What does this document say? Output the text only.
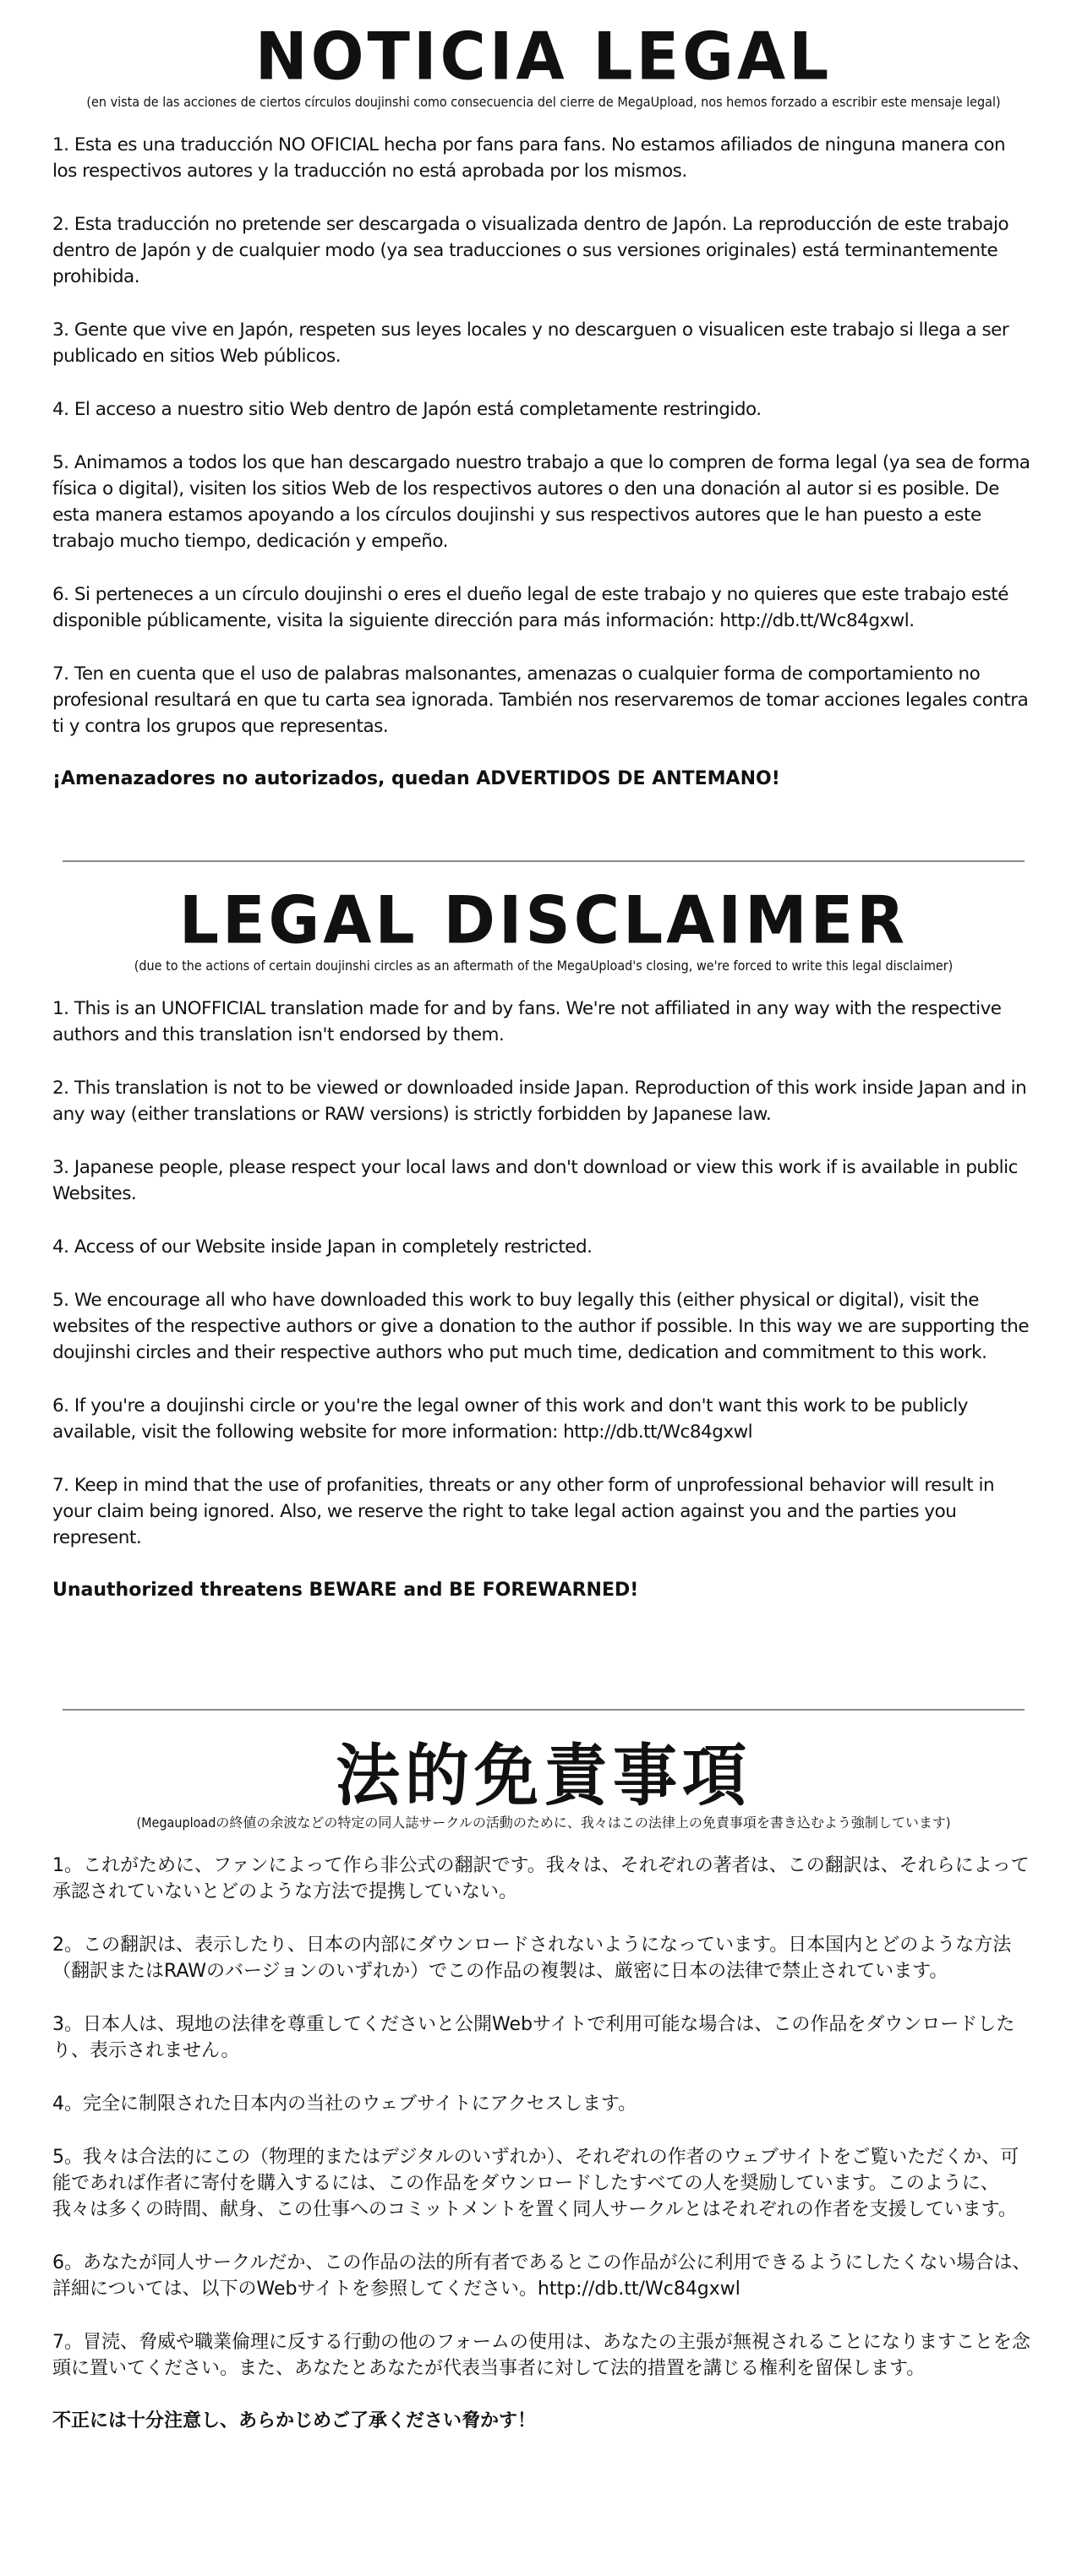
NOTICIA LEGAL
(en vista de las acciones de ciertos círculos doujinshi como consecuencia del cierre de MegaUpload, nos hemos forzado a escribir este mensaje legal)

1. Esta es una traducción NO OFICIAL hecha por fans para fans. No estamos afiliados de ninguna manera con los respectivos autores y la traducción no está aprobada por los mismos.

2. Esta traducción no pretende ser descargada o visualizada dentro de Japón. La reproducción de este trabajo dentro de Japón y de cualquier modo (ya sea traducciones o sus versiones originales) está terminantemente prohibida.

3. Gente que vive en Japón, respeten sus leyes locales y no descarguen o visualicen este trabajo si llega a ser publicado en sitios Web públicos.

4. El acceso a nuestro sitio Web dentro de Japón está completamente restringido.

5. Animamos a todos los que han descargado nuestro trabajo a que lo compren de forma legal (ya sea de forma física o digital), visiten los sitios Web de los respectivos autores o den una donación al autor si es posible. De esta manera estamos apoyando a los círculos doujinshi y sus respectivos autores que le han puesto a este trabajo mucho tiempo, dedicación y empeño.

6. Si perteneces a un círculo doujinshi o eres el dueño legal de este trabajo y no quieres que este trabajo esté disponible públicamente, visita la siguiente dirección para más información: http://db.tt/Wc84gxwl.

7. Ten en cuenta que el uso de palabras malsonantes, amenazas o cualquier forma de comportamiento no profesional resultará en que tu carta sea ignorada. También nos reservaremos de tomar acciones legales contra ti y contra los grupos que representas.

¡Amenazadores no autorizados, quedan ADVERTIDOS DE ANTEMANO!

LEGAL DISCLAIMER
(due to the actions of certain doujinshi circles as an aftermath of the MegaUpload's closing, we're forced to write this legal disclaimer)

1. This is an UNOFFICIAL translation made for and by fans. We're not affiliated in any way with the respective authors and this translation isn't endorsed by them.

2. This translation is not to be viewed or downloaded inside Japan. Reproduction of this work inside Japan and in any way (either translations or RAW versions) is strictly forbidden by Japanese law.

3. Japanese people, please respect your local laws and don't download or view this work if is available in public Websites.

4. Access of our Website inside Japan in completely restricted.

5. We encourage all who have downloaded this work to buy legally this (either physical or digital), visit the websites of the respective authors or give a donation to the author if possible. In this way we are supporting the doujinshi circles and their respective authors who put much time, dedication and commitment to this work.

6. If you're a doujinshi circle or you're the legal owner of this work and don't want this work to be publicly available, visit the following website for more information: http://db.tt/Wc84gxwl

7. Keep in mind that the use of profanities, threats or any other form of unprofessional behavior will result in your claim being ignored. Also, we reserve the right to take legal action against you and the parties you represent.

Unauthorized threatens BEWARE and BE FOREWARNED!

法的免責事項
(Megauploadの終値の余波などの特定の同人誌サークルの活動のために、我々はこの法律上の免責事項を書き込むよう強制しています)

1。これがために、ファンによって作ら非公式の翻訳です。我々は、それぞれの著者は、この翻訳は、それらによって承認されていないとどのような方法で提携していない。

2。この翻訳は、表示したり、日本の内部にダウンロードされないようになっています。日本国内とどのような方法（翻訳またはRAWのバージョンのいずれか）でこの作品の複製は、厳密に日本の法律で禁止されています。

3。日本人は、現地の法律を尊重してくださいと公開Webサイトで利用可能な場合は、この作品をダウンロードしたり、表示されません。

4。完全に制限された日本内の当社のウェブサイトにアクセスします。

5。我々は合法的にこの（物理的またはデジタルのいずれか）、それぞれの作者のウェブサイトをご覧いただくか、可能であれば作者に寄付を購入するには、この作品をダウンロードしたすべての人を奨励しています。このように、我々は多くの時間、献身、この仕事へのコミットメントを置く同人サークルとはそれぞれの作者を支援しています。

6。あなたが同人サークルだか、この作品の法的所有者であるとこの作品が公に利用できるようにしたくない場合は、詳細については、以下のWebサイトを参照してください。http://db.tt/Wc84gxwl

7。冒涜、脅威や職業倫理に反する行動の他のフォームの使用は、あなたの主張が無視されることになりますことを念頭に置いてください。また、あなたとあなたが代表当事者に対して法的措置を講じる権利を留保します。

不正には十分注意し、あらかじめご了承ください脅かす！
